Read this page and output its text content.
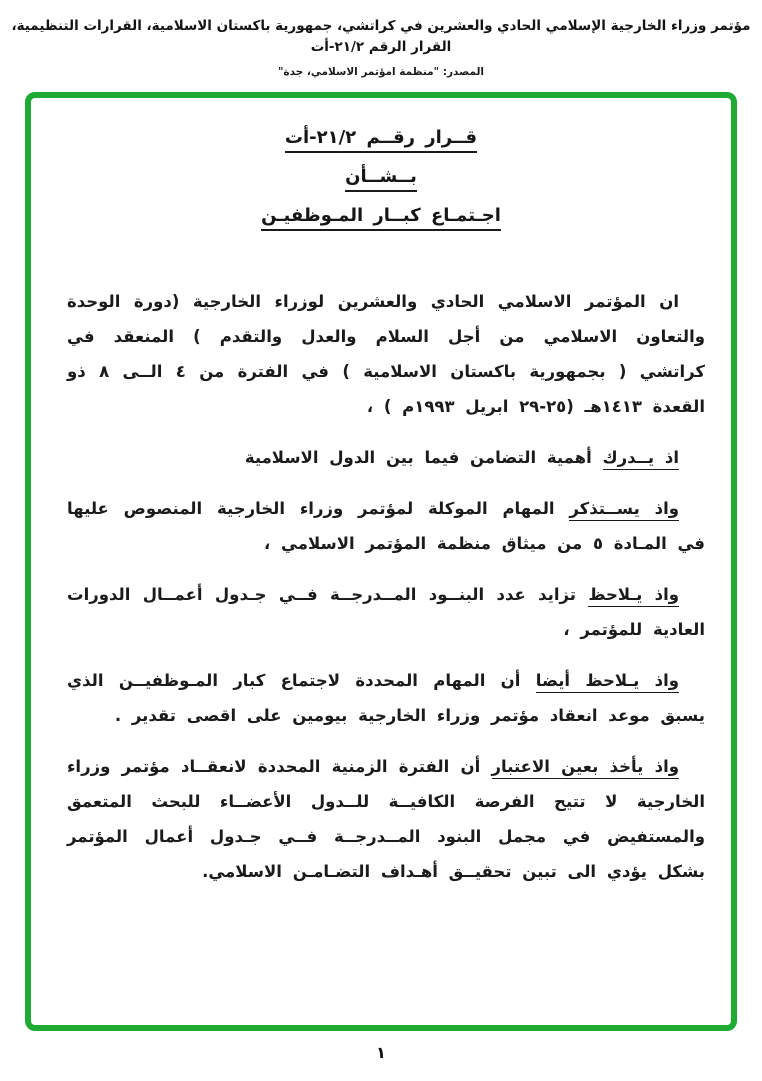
مؤتمر وزراء الخارجية الإسلامي الحادي والعشرين في كراتشي، جمهورية باكستان الاسلامية، القرارات التنظيمية، القرار الرقم ٢١/٢-أت
المصدر: "منظمة امؤتمر الاسلامي، جدة"
قــرار رقــم ٢١/٢-أت
بــشــأن
اجـتمـاع كبــار المـوظفيـن

ان المؤتمر الاسلامي الحادي والعشرين لوزراء الخارجية (دورة الوحدة والتعاون الاسلامي من أجل السلام والعدل والتقدم ) المنعقد في كراتشي ( بجمهورية باكستان الاسلامية ) في الفترة من ٤ الــى ٨ ذو القعدة ١٤١٣هـ (٢٥-٢٩ ابريل ١٩٩٣م ) ،

اذ يــدرك أهمية التضامن فيما بين الدول الاسلامية

واذ يســتذكر المهام الموكلة لمؤتمر وزراء الخارجية المنصوص عليها في المـادة ٥ من ميثاق منظمة المؤتمر الاسلامي ،

واذ يـلاحظ تزايد عدد البنــود المــدرجــة فــي جـدول أعمــال الدورات العادية للمؤتمر ،

واذ يـلاحظ أيضا أن المهام المحددة لاجتماع كبار المـوظفيــن الذي يسبق موعد انعقاد مؤتمر وزراء الخارجية بيومين على اقصى تقدير .

واذ يأخذ بعين الاعتبار أن الفترة الزمنية المحددة لانعقــاد مؤتمر وزراء الخارجية لا تتيح الفرصة الكافيــة للــدول الأعضــاء للبحث المتعمق والمستفيض في مجمل البنود المــدرجــة فــي جـدول أعمال المؤتمر بشكل يؤدي الى تبين تحقيــق أهـداف التضـامـن الاسلامي.

١
